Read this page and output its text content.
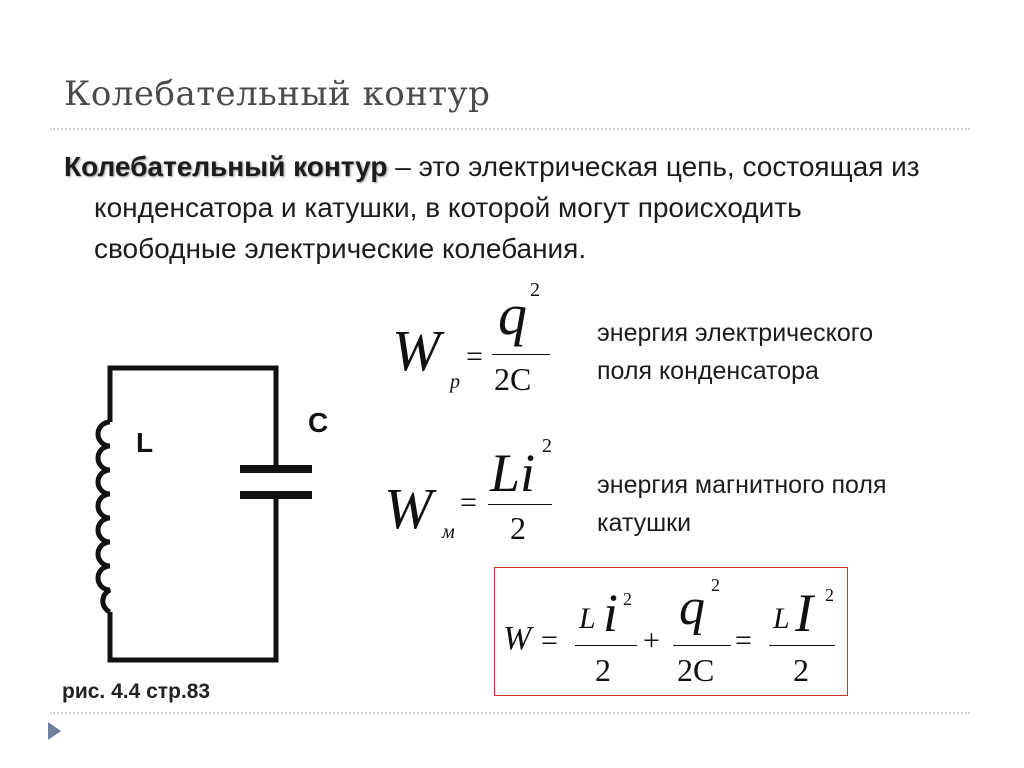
Колебательный контур
Колебательный контур – это электрическая цепь, состоящая из конденсатора и катушки, в которой могут происходить свободные электрические колебания.
W р
=
q 2
2C
энергия электрического
поля конденсатора
W м
= Li 2
2
энергия магнитного поля
катушки
L
C
W =
L i 2
2
+
q 2
2C
=
L I 2
2
рис. 4.4 стр.83
